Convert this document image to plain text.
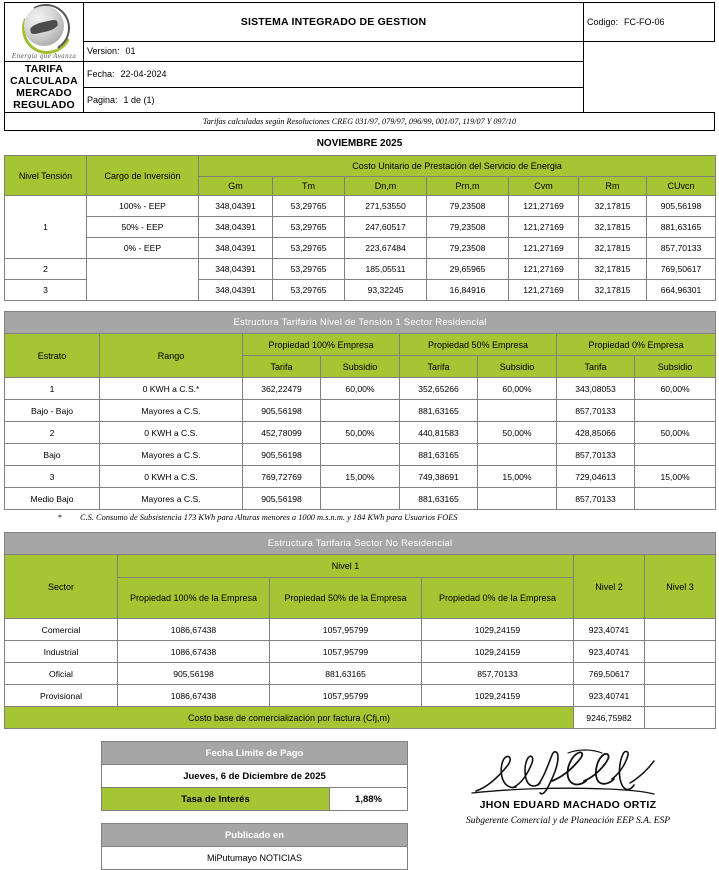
Energía que Avanza	SISTEMA INTEGRADO DE GESTION	Codigo: FC-FO-06
	Version: 01	
TARIFA CALCULADA MERCADO REGULADO	Fecha: 22-04-2024	
	Pagina: 1 de (1)	
Tarifas calculadas según Resoluciones CREG 031/97, 079/97, 096/99, 001/07, 119/07 Y 097/10		
NOVIEMBRE 2025
Nivel Tensión	Cargo de Inversión	Costo Unitario de Prestación del Servicio de Energia						
		Gm	Tm	Dn,m	Prn,m	Cvm	Rm	CUvcn
1	100% - EEP	348,04391	53,29765	271,53550	79,23508	121,27169	32,17815	905,56198
	50% - EEP	348,04391	53,29765	247,60517	79,23508	121,27169	32,17815	881,63165
	0% - EEP	348,04391	53,29765	223,67484	79,23508	121,27169	32,17815	857,70133
2		348,04391	53,29765	185,05511	29,65965	121,27169	32,17815	769,50617
3		348,04391	53,29765	93,32245	16,84916	121,27169	32,17815	664,96301
Estructura Tarifaria Nivel de Tensión 1 Sector Residencial							
Estrato	Rango	Propiedad 100% Empresa		Propiedad 50% Empresa		Propiedad 0% Empresa	
		Tarifa	Subsidio	Tarifa	Subsidio	Tarifa	Subsidio
1	0 KWH a C.S.*	362,22479	60,00%	352,65266	60,00%	343,08053	60,00%
Bajo - Bajo	Mayores a C.S.	905,56198		881,63165		857,70133	
2	0 KWH a C.S.	452,78099	50,00%	440,81583	50,00%	428,85066	50,00%
Bajo	Mayores a C.S.	905,56198		881,63165		857,70133	
3	0 KWH a C.S.	769,72769	15,00%	749,38691	15,00%	729,04613	15,00%
Medio Bajo	Mayores a C.S.	905,56198		881,63165		857,70133	
* C.S. Consumo de Subsistencia 173 KWh para Alturas menores a 1000 m.s.n.m. y 184 KWh para Usuarios FOES
Estructura Tarifaria Sector No Residencial					
Sector	Nivel 1			Nivel 2	Nivel 3
	Propiedad 100% de la Empresa	Propiedad 50% de la Empresa	Propiedad 0% de la Empresa		
Comercial	1086,67438	1057,95799	1029,24159	923,40741	
Industrial	1086,67438	1057,95799	1029,24159	923,40741	
Oficial	905,56198	881,63165	857,70133	769,50617	
Provisional	1086,67438	1057,95799	1029,24159	923,40741	
Costo base de comercialización por factura (Cfj,m)				9246,75982	
Fecha Limite de Pago
Jueves, 6 de Diciembre de 2025
Tasa de Interés	1,88%
Publicado en
MiPutumayo NOTICIAS
JHON EDUARD MACHADO ORTIZ
Subgerente Comercial y de Planeación EEP S.A. ESP
